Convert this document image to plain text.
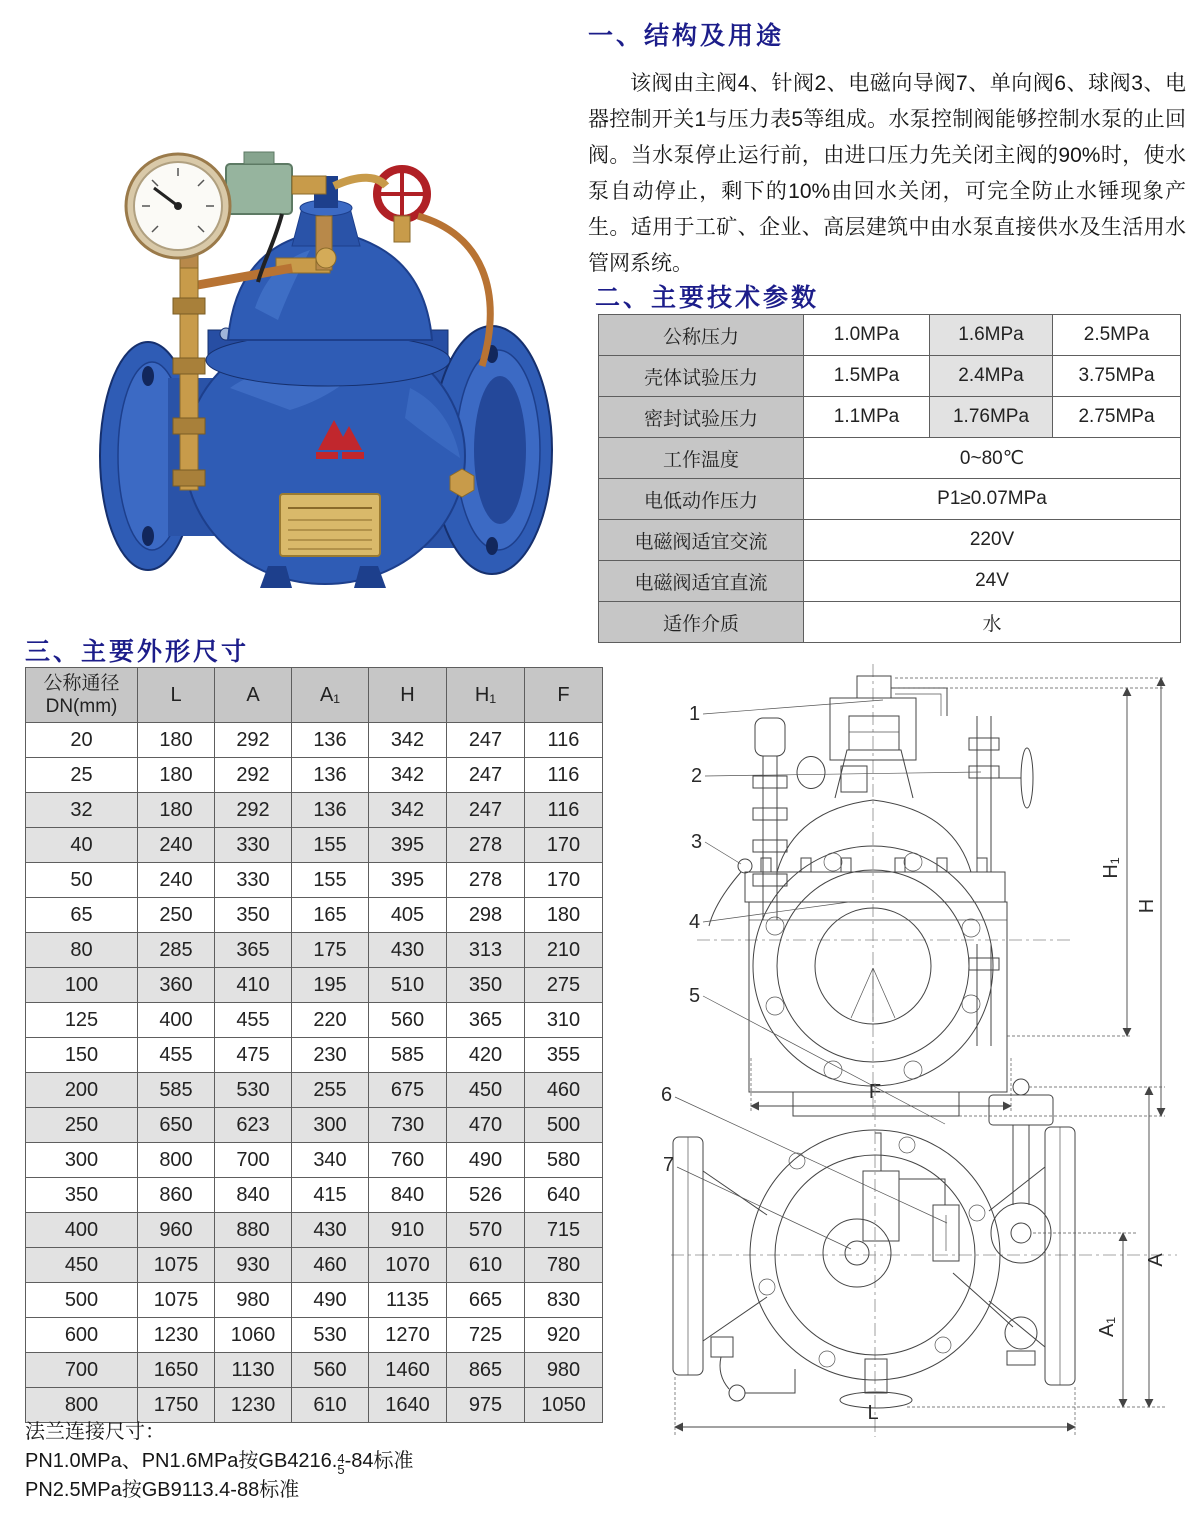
一、结构及用途

该阀由主阀4、针阀2、电磁向导阀7、单向阀6、球阀3、电器控制开关1与压力表5等组成。水泵控制阀能够控制水泵的止回阀。当水泵停止运行前，由进口压力先关闭主阀的90%时，使水泵自动停止，剩下的10%由回水关闭，可完全防止水锤现象产生。适用于工矿、企业、高层建筑中由水泵直接供水及生活用水管网系统。

二、主要技术参数
公称压力	1.0MPa	1.6MPa	2.5MPa
壳体试验压力	1.5MPa	2.4MPa	3.75MPa
密封试验压力	1.1MPa	1.76MPa	2.75MPa
工作温度	0~80℃		
电低动作压力	P1≥0.07MPa		
电磁阀适宜交流	220V		
电磁阀适宜直流	24V		
适作介质	水		
三、主要外形尺寸
公称通径
DN(mm)	L	A	A₁	H	H₁	F
20	180	292	136	342	247	116
25	180	292	136	342	247	116
32	180	292	136	342	247	116
40	240	330	155	395	278	170
50	240	330	155	395	278	170
65	250	350	165	405	298	180
80	285	365	175	430	313	210
100	360	410	195	510	350	275
125	400	455	220	560	365	310
150	455	475	230	585	420	355
200	585	530	255	675	450	460
250	650	623	300	730	470	500
300	800	700	340	760	490	580
350	860	840	415	840	526	640
400	960	880	430	910	570	715
450	1075	930	460	1070	610	780
500	1075	980	490	1135	665	830
600	1230	1060	530	1270	725	920
700	1650	1130	560	1460	865	980
800	1750	1230	610	1640	975	1050

法兰连接尺寸：

PN1.0MPa、PN1.6MPa按GB4216. 4
5 -84标准

PN2.5MPa按GB9113.4-88标准

1
2
3
4
5
H₁
H
F
6
7
A
A₁
L
